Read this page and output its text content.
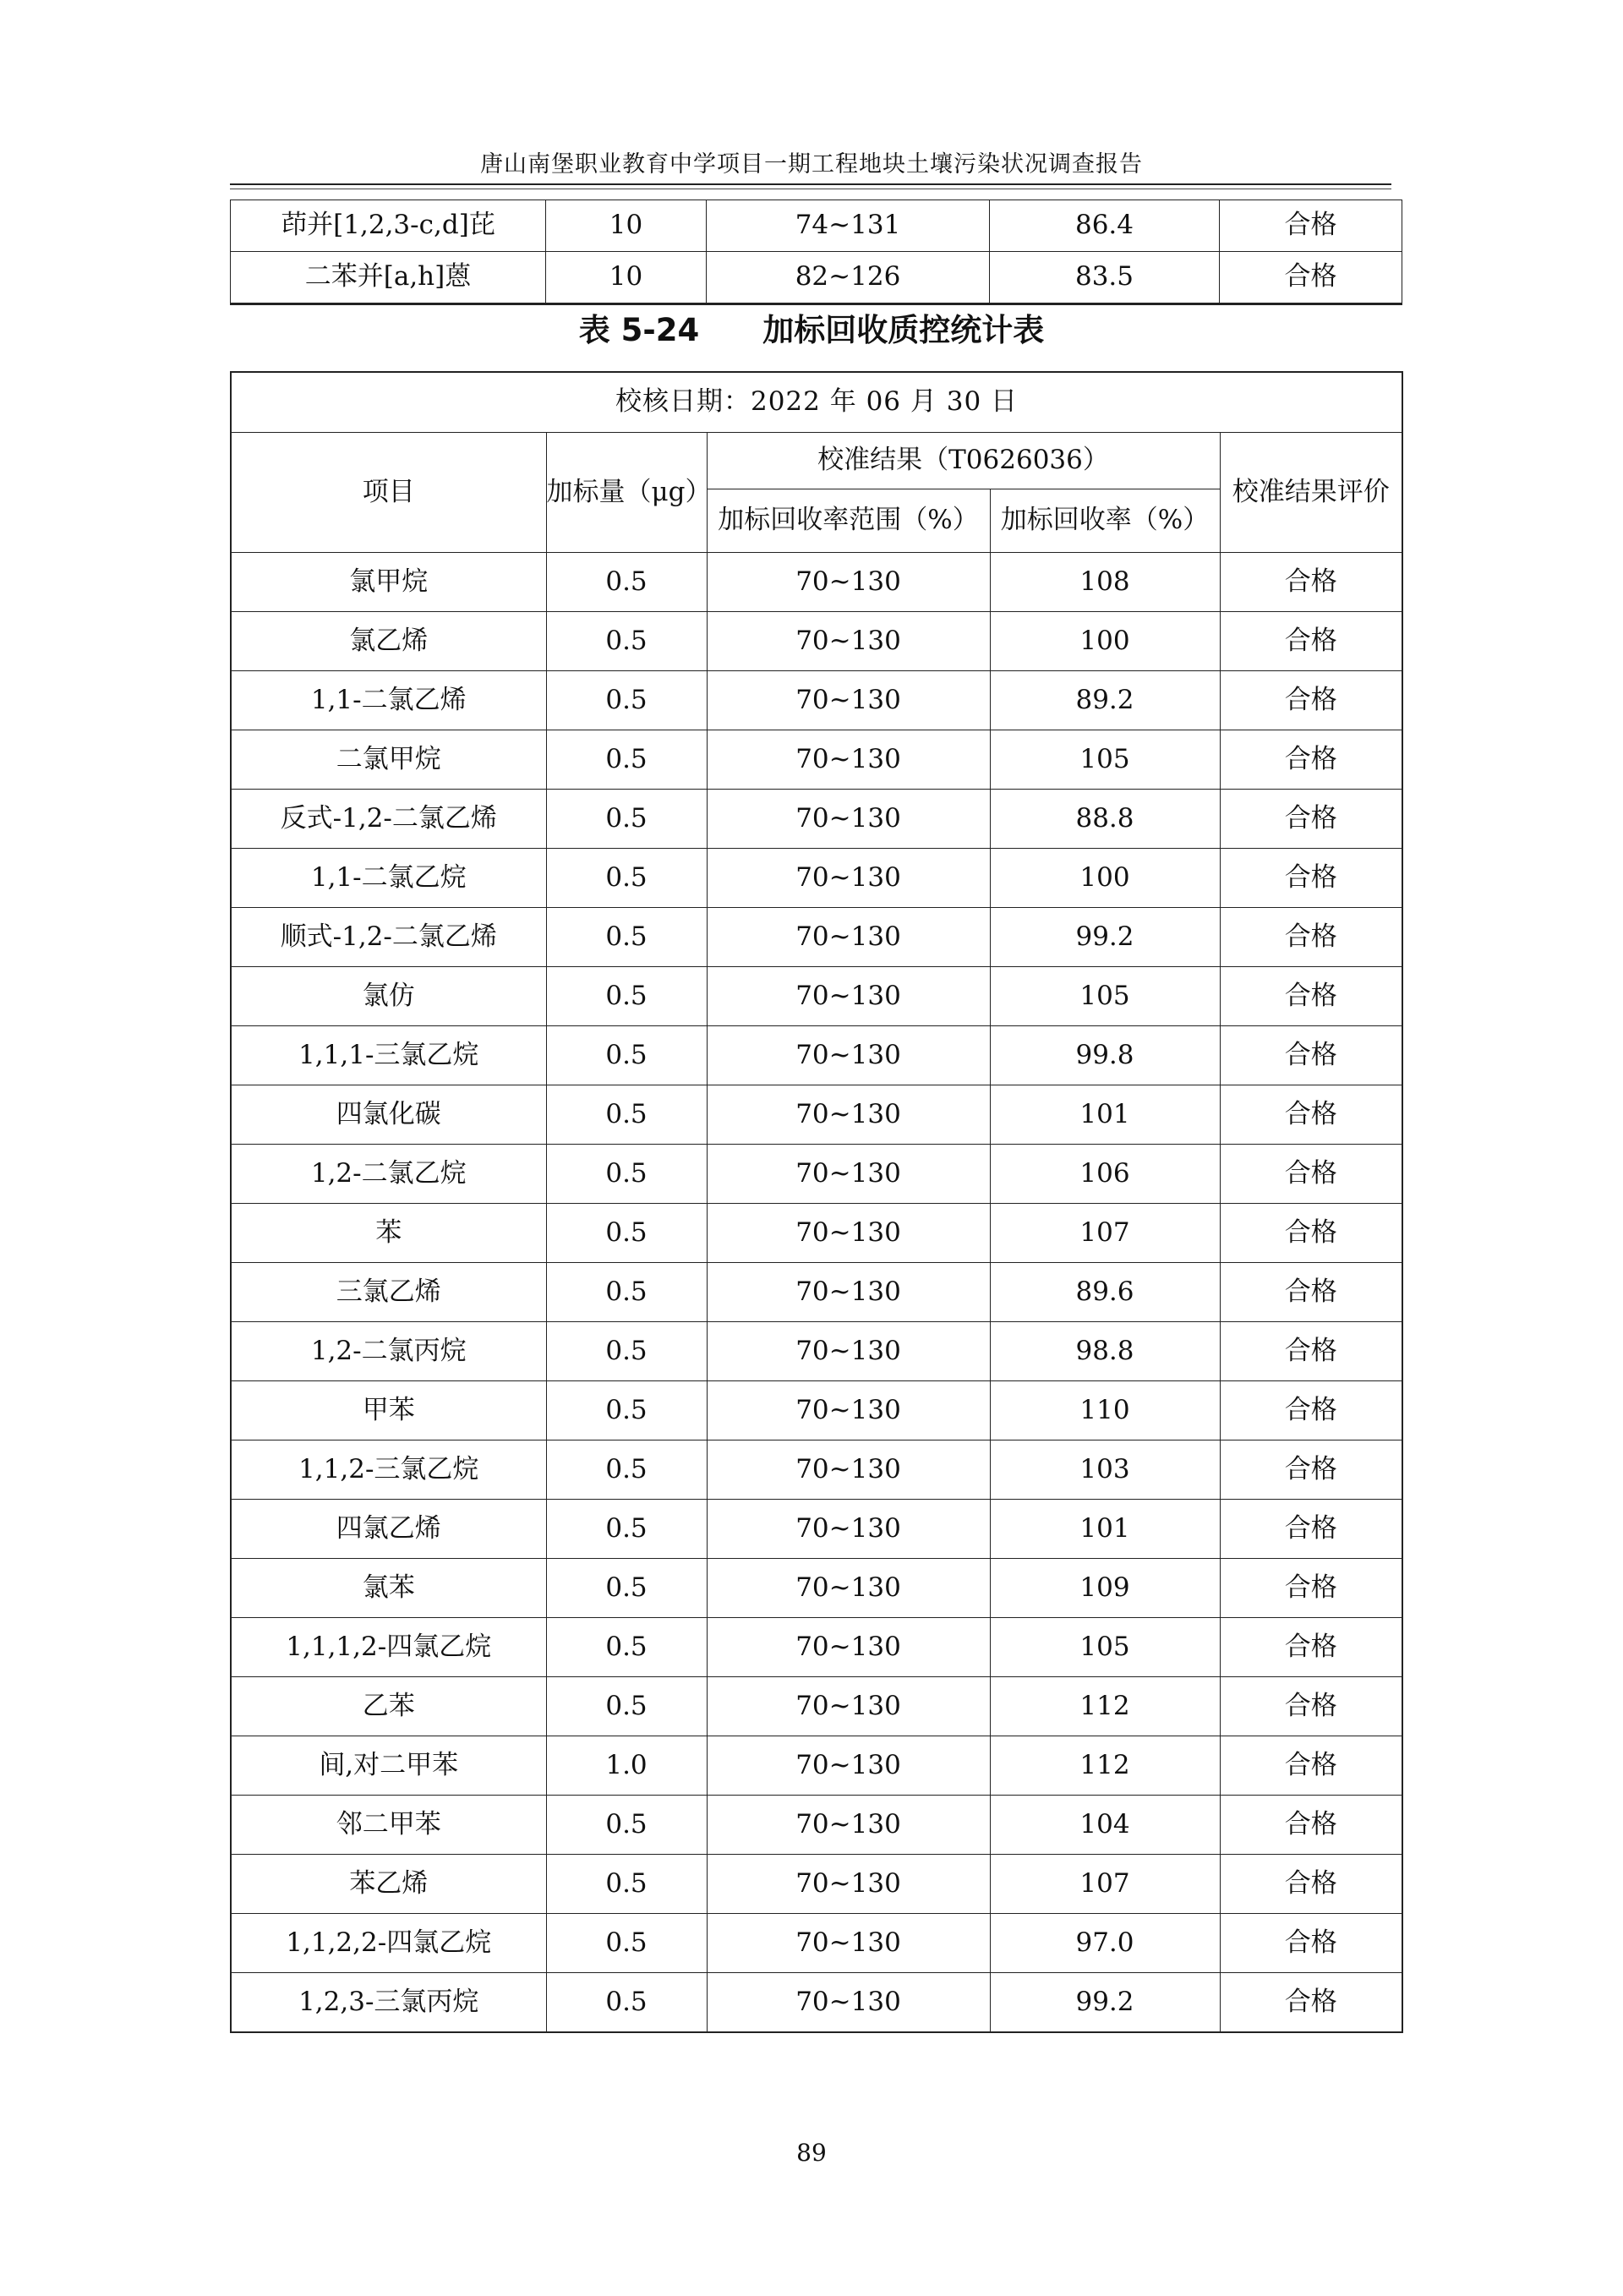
唐山南堡职业教育中学项目一期工程地块土壤污染状况调查报告
茚并[1,2,3-c,d]芘	10	74~131	86.4	合格
二苯并[a,h]蒽	10	82~126	83.5	合格
表 5-24 加标回收质控统计表
校核日期：2022 年 06 月 30 日				
项目	加标量（μg）	校准结果（T0626036）		校准结果评价
		加标回收率范围（%）	加标回收率（%）	
氯甲烷	0.5	70~130	108	合格
氯乙烯	0.5	70~130	100	合格
1,1-二氯乙烯	0.5	70~130	89.2	合格
二氯甲烷	0.5	70~130	105	合格
反式-1,2-二氯乙烯	0.5	70~130	88.8	合格
1,1-二氯乙烷	0.5	70~130	100	合格
顺式-1,2-二氯乙烯	0.5	70~130	99.2	合格
氯仿	0.5	70~130	105	合格
1,1,1-三氯乙烷	0.5	70~130	99.8	合格
四氯化碳	0.5	70~130	101	合格
1,2-二氯乙烷	0.5	70~130	106	合格
苯	0.5	70~130	107	合格
三氯乙烯	0.5	70~130	89.6	合格
1,2-二氯丙烷	0.5	70~130	98.8	合格
甲苯	0.5	70~130	110	合格
1,1,2-三氯乙烷	0.5	70~130	103	合格
四氯乙烯	0.5	70~130	101	合格
氯苯	0.5	70~130	109	合格
1,1,1,2-四氯乙烷	0.5	70~130	105	合格
乙苯	0.5	70~130	112	合格
间,对二甲苯	1.0	70~130	112	合格
邻二甲苯	0.5	70~130	104	合格
苯乙烯	0.5	70~130	107	合格
1,1,2,2-四氯乙烷	0.5	70~130	97.0	合格
1,2,3-三氯丙烷	0.5	70~130	99.2	合格
89
